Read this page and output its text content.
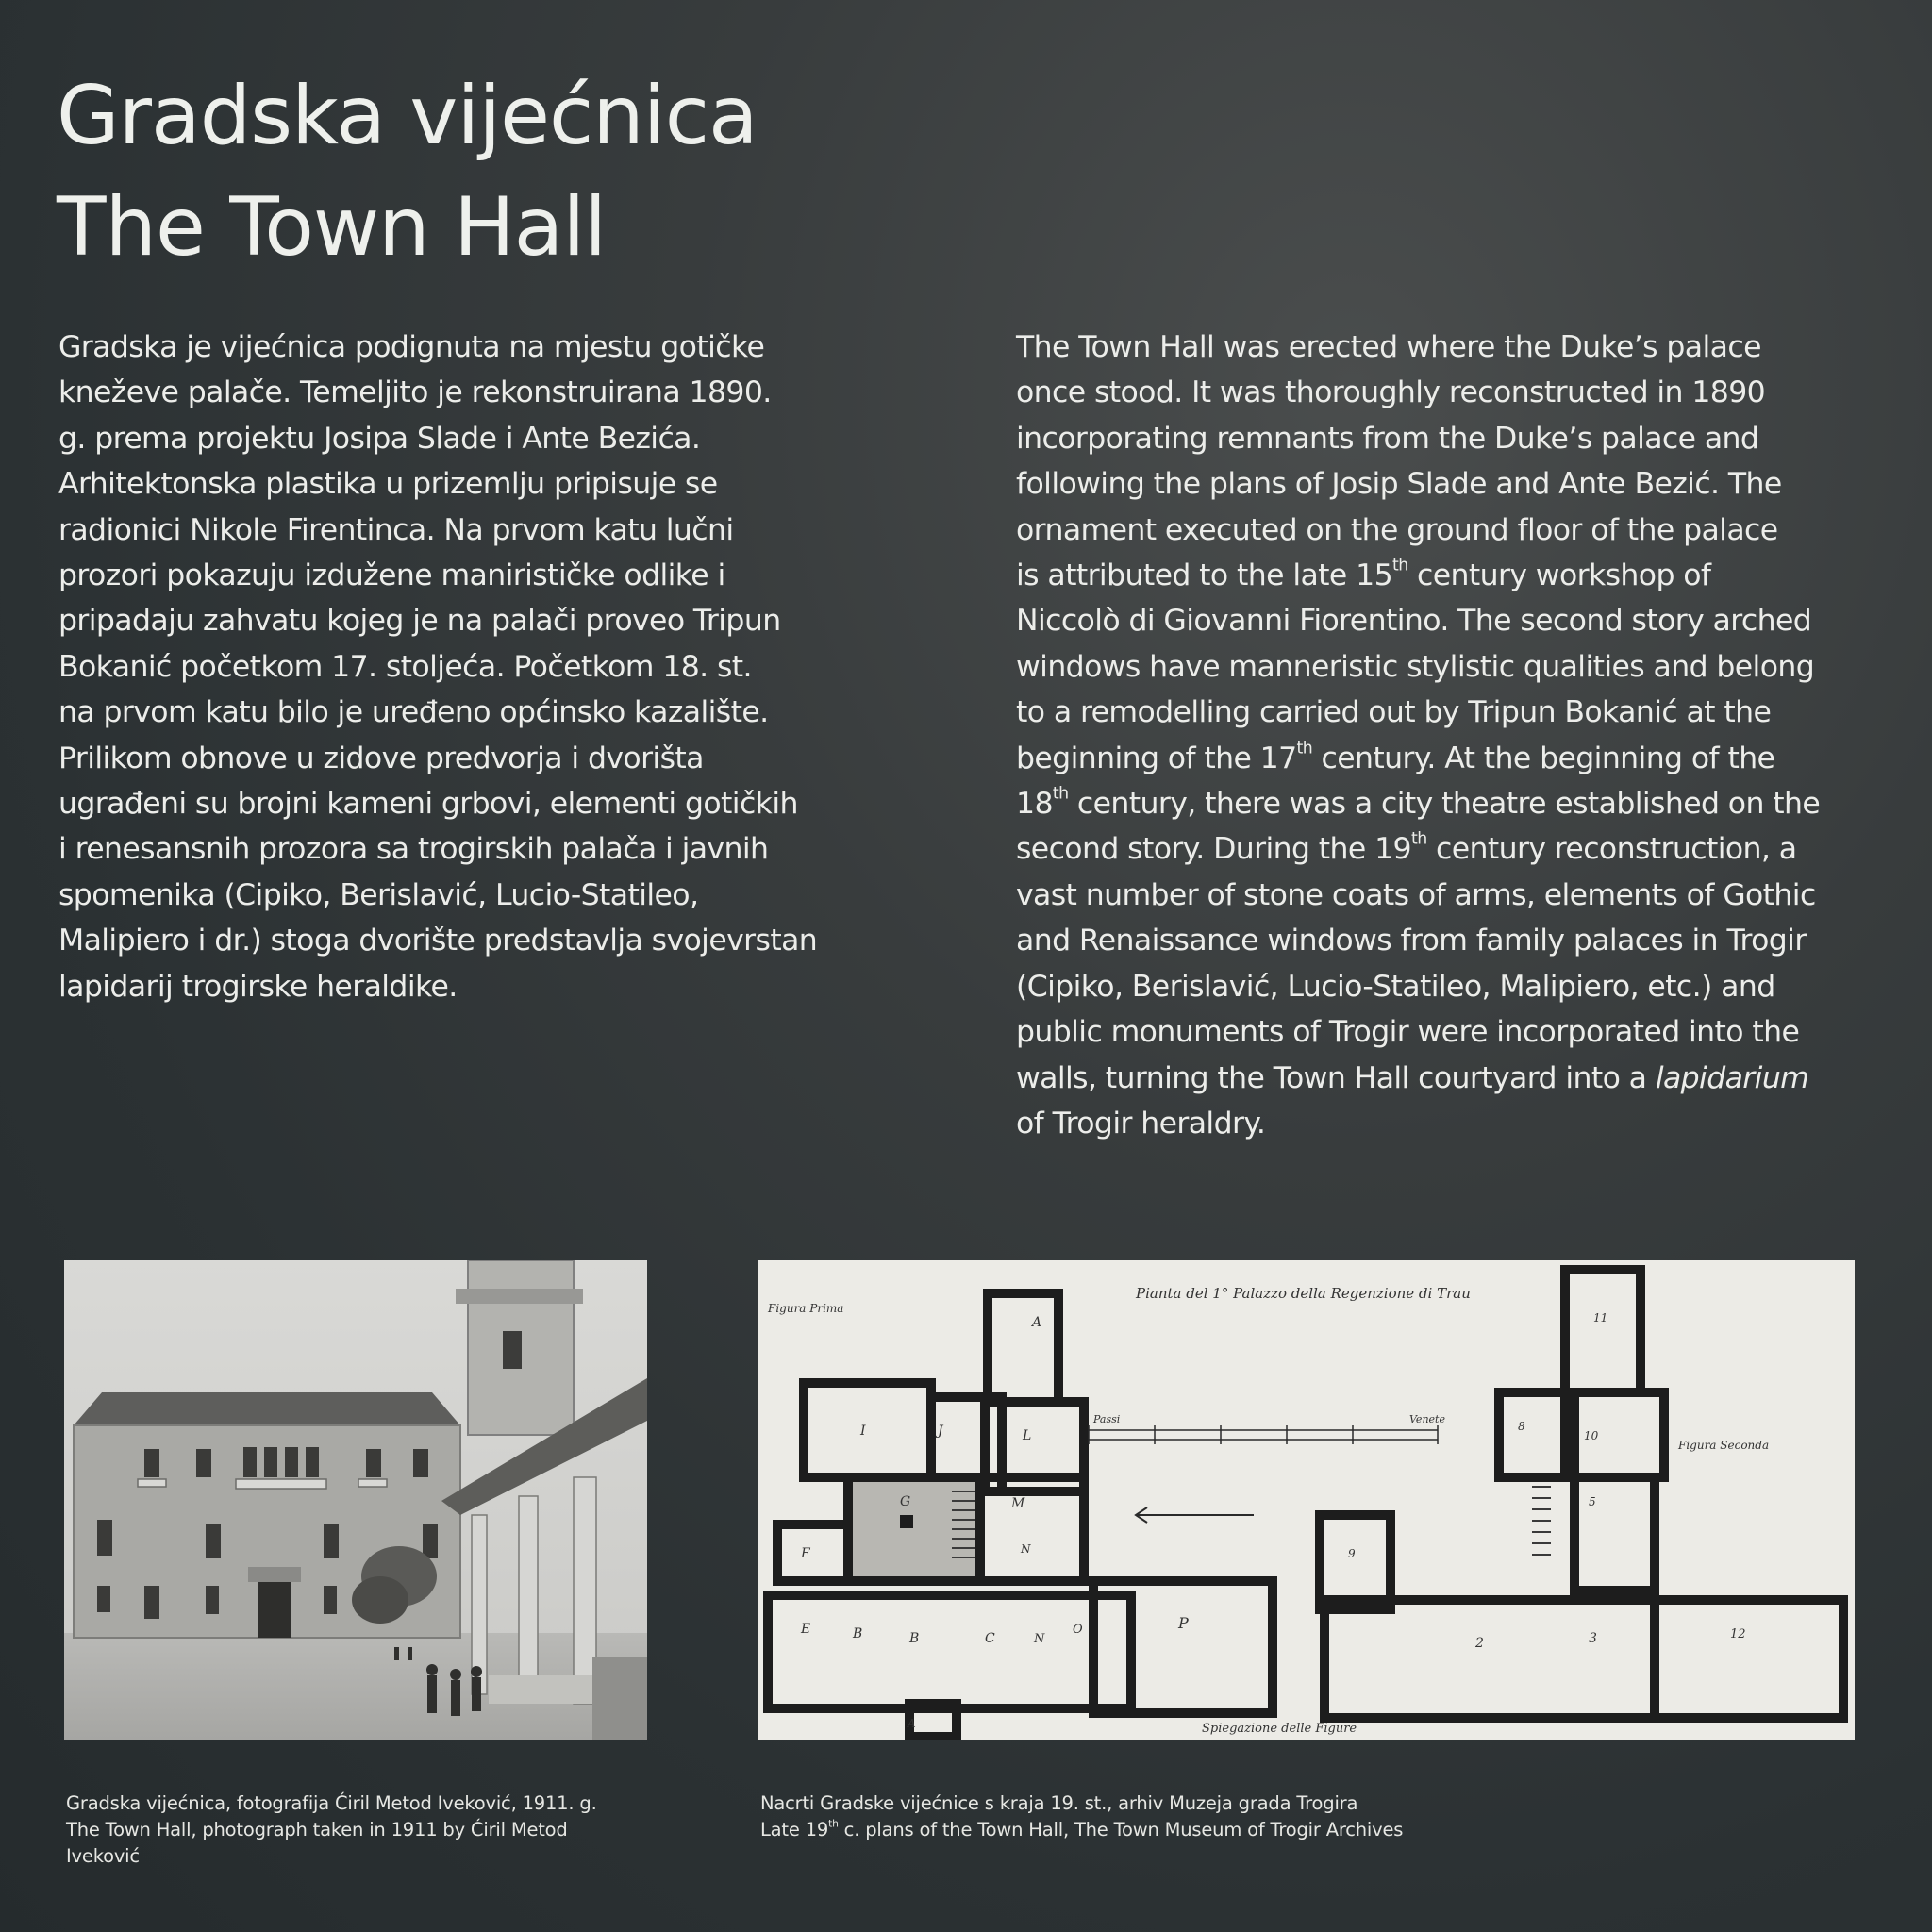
Gradska vijećnica
The Town Hall

Gradska je vijećnica podignuta na mjestu gotičke

kneževe palače. Temeljito je rekonstruirana 1890.

g. prema projektu Josipa Slade i Ante Bezića.

Arhitektonska plastika u prizemlju pripisuje se

radionici Nikole Firentinca. Na prvom katu lučni

prozori pokazuju izdužene manirističke odlike i

pripadaju zahvatu kojeg je na palači proveo Tripun

Bokanić početkom 17. stoljeća. Početkom 18. st.

na prvom katu bilo je uređeno općinsko kazalište.

Prilikom obnove u zidove predvorja i dvorišta

ugrađeni su brojni kameni grbovi, elementi gotičkih

i renesansnih prozora sa trogirskih palača i javnih

spomenika (Cipiko, Berislavić, Lucio-Statileo,

Malipiero i dr.) stoga dvorište predstavlja svojevrstan

lapidarij trogirske heraldike.

The Town Hall was erected where the Duke’s palace

once stood. It was thoroughly reconstructed in 1890

incorporating remnants from the Duke’s palace and

following the plans of Josip Slade and Ante Bezić. The

ornament executed on the ground floor of the palace

is attributed to the late 15th century workshop of

Niccolò di Giovanni Fiorentino. The second story arched

windows have manneristic stylistic qualities and belong

to a remodelling carried out by Tripun Bokanić at the

beginning of the 17th century. At the beginning of the

18th century, there was a city theatre established on the

second story. During the 19th century reconstruction, a

vast number of stone coats of arms, elements of Gothic

and Renaissance windows from family palaces in Trogir

(Cipiko, Berislavić, Lucio-Statileo, Malipiero, etc.) and

public monuments of Trogir were incorporated into the

walls, turning the Town Hall courtyard into a lapidarium

of Trogir heraldry.

Pianta del 1° Palazzo della Regenzione di Trau
Figura Prima
Figura Seconda
Spiegazione delle Figure
Passi	Venete
A
I	J	L
G	M
F	N
E	B	B	C	N
O	P
A
11
8
10
9
5
2	3	12
Gradska vijećnica, fotografija Ćiril Metod Iveković, 1911. g.
The Town Hall, photograph taken in 1911 by Ćiril Metod
Iveković
Nacrti Gradske vijećnice s kraja 19. st., arhiv Muzeja grada Trogira
Late 19th c. plans of the Town Hall, The Town Museum of Trogir Archives
